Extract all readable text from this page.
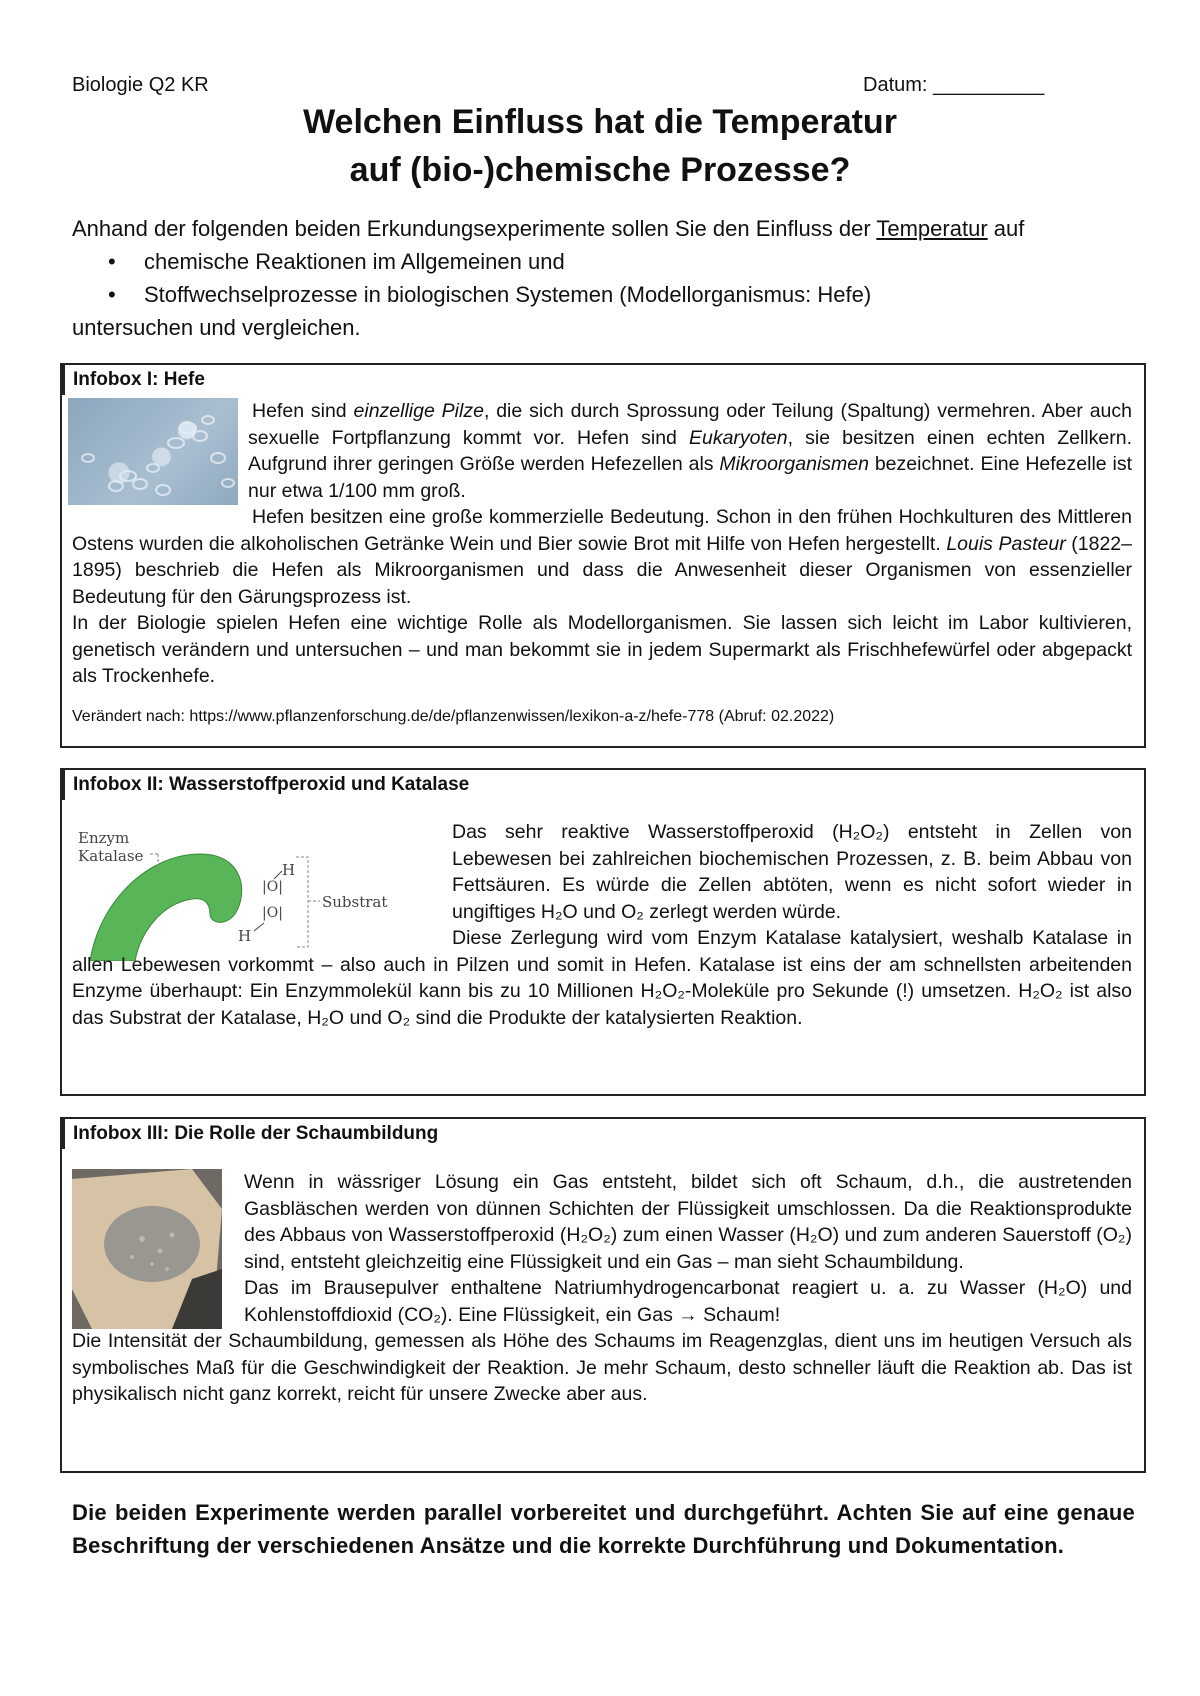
Biologie Q2 KR	Datum: __________
Welchen Einfluss hat die Temperatur
auf (bio-)chemische Prozesse?

Anhand der folgenden beiden Erkundungsexperimente sollen Sie den Einfluss der Temperatur auf

• chemische Reaktionen im Allgemeinen und
• Stoffwechselprozesse in biologischen Systemen (Modellorganismus: Hefe)

untersuchen und vergleichen.

Infobox I: Hefe

Hefen sind einzellige Pilze, die sich durch Sprossung oder Teilung (Spaltung) vermehren. Aber auch sexuelle Fortpflanzung kommt vor. Hefen sind Eukaryoten, sie besitzen einen echten Zellkern. Aufgrund ihrer geringen Größe werden Hefezellen als Mikroorganismen bezeichnet. Eine Hefezelle ist nur etwa 1/100 mm groß.

Hefen besitzen eine große kommerzielle Bedeutung. Schon in den frühen Hochkulturen des Mittleren Ostens wurden die alkoholischen Getränke Wein und Bier sowie Brot mit Hilfe von Hefen hergestellt. Louis Pasteur (1822–1895) beschrieb die Hefen als Mikroorganismen und dass die Anwesenheit dieser Organismen von essenzieller Bedeutung für den Gärungsprozess ist.

In der Biologie spielen Hefen eine wichtige Rolle als Modellorganismen. Sie lassen sich leicht im Labor kultivieren, genetisch verändern und untersuchen – und man bekommt sie in jedem Supermarkt als Frischhefewürfel oder abgepackt als Trockenhefe.

Verändert nach: https://www.pflanzenforschung.de/de/pflanzenwissen/lexikon-a-z/hefe-778 (Abruf: 02.2022)

Infobox II: Wasserstoffperoxid und Katalase
Enzym
Katalase
H
|O|
|O|
H
Substrat

Das sehr reaktive Wasserstoffperoxid (H₂O₂) entsteht in Zellen von Lebewesen bei zahlreichen biochemischen Prozessen, z. B. beim Abbau von Fettsäuren. Es würde die Zellen abtöten, wenn es nicht sofort wieder in ungiftiges H₂O und O₂ zerlegt werden würde.

Diese Zerlegung wird vom Enzym Katalase katalysiert, weshalb Katalase in allen Lebewesen vorkommt – also auch in Pilzen und somit in Hefen. Katalase ist eins der am schnellsten arbeitenden Enzyme überhaupt: Ein Enzymmolekül kann bis zu 10 Millionen H₂O₂-Moleküle pro Sekunde (!) umsetzen. H₂O₂ ist also das Substrat der Katalase, H₂O und O₂ sind die Produkte der katalysierten Reaktion.

Infobox III: Die Rolle der Schaumbildung

Wenn in wässriger Lösung ein Gas entsteht, bildet sich oft Schaum, d.h., die austretenden Gasbläschen werden von dünnen Schichten der Flüssigkeit umschlossen. Da die Reaktionsprodukte des Abbaus von Wasserstoffperoxid (H₂O₂) zum einen Wasser (H₂O) und zum anderen Sauerstoff (O₂) sind, entsteht gleichzeitig eine Flüssigkeit und ein Gas – man sieht Schaumbildung.

Das im Brausepulver enthaltene Natriumhydrogencarbonat reagiert u. a. zu Wasser (H₂O) und Kohlenstoffdioxid (CO₂). Eine Flüssigkeit, ein Gas → Schaum!

Die Intensität der Schaumbildung, gemessen als Höhe des Schaums im Reagenzglas, dient uns im heutigen Versuch als symbolisches Maß für die Geschwindigkeit der Reaktion. Je mehr Schaum, desto schneller läuft die Reaktion ab. Das ist physikalisch nicht ganz korrekt, reicht für unsere Zwecke aber aus.

Die beiden Experimente werden parallel vorbereitet und durchgeführt. Achten Sie auf eine genaue Beschriftung der verschiedenen Ansätze und die korrekte Durchführung und Dokumentation.
